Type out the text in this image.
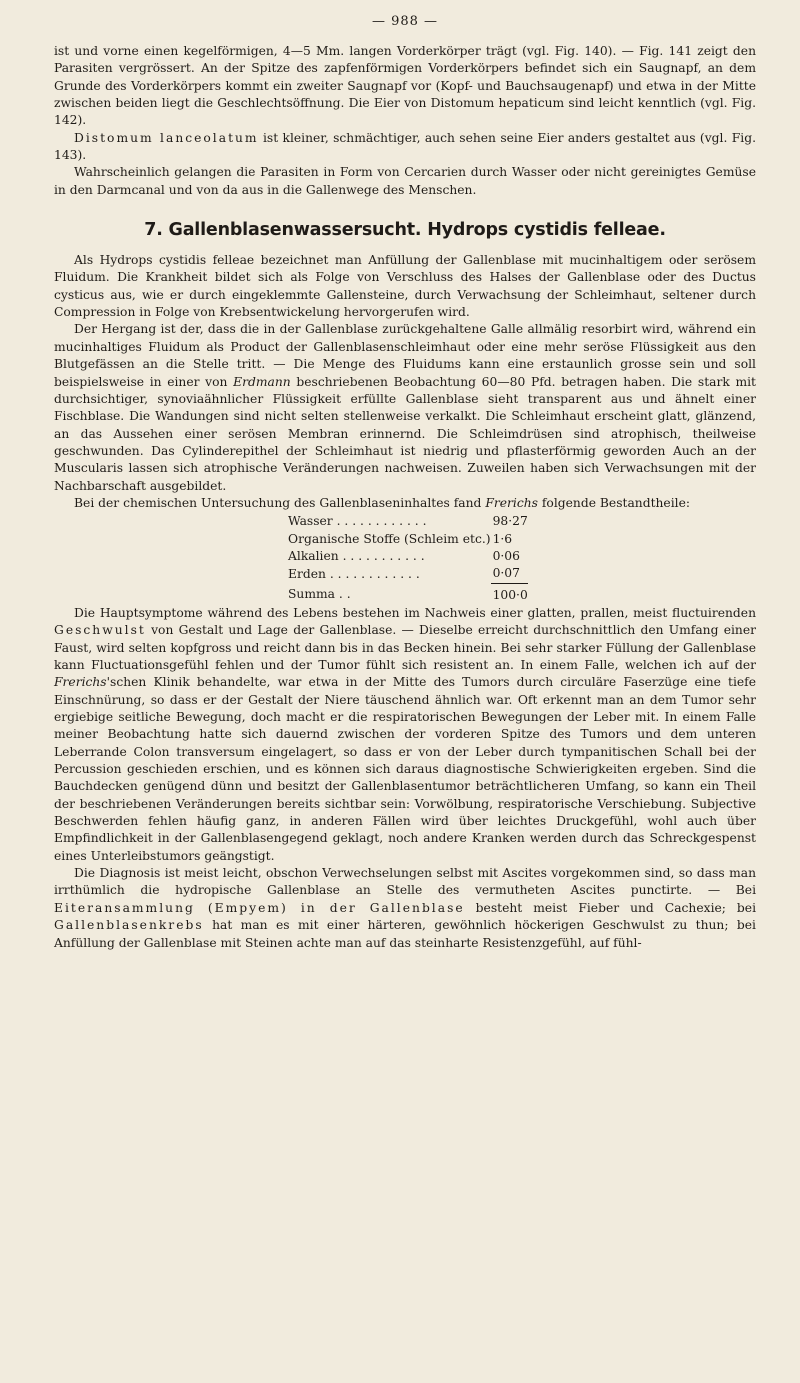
— 988 —

ist und vorne einen kegelförmigen, 4—5 Mm. langen Vorderkörper trägt (vgl. Fig. 140). — Fig. 141 zeigt den Parasiten vergrössert. An der Spitze des zapfenförmigen Vorderkörpers befindet sich ein Saugnapf, an dem Grunde des Vorderkörpers kommt ein zweiter Saugnapf vor (Kopf- und Bauchsaugenapf) und etwa in der Mitte zwischen beiden liegt die Geschlechtsöffnung. Die Eier von Distomum hepaticum sind leicht kenntlich (vgl. Fig. 142).

Distomum lanceolatum ist kleiner, schmächtiger, auch sehen seine Eier anders gestaltet aus (vgl. Fig. 143).

Wahrscheinlich gelangen die Parasiten in Form von Cercarien durch Wasser oder nicht gereinigtes Gemüse in den Darmcanal und von da aus in die Gallenwege des Menschen.

7. Gallenblasenwassersucht. Hydrops cystidis felleae.

Als Hydrops cystidis felleae bezeichnet man Anfüllung der Gallenblase mit mucinhaltigem oder serösem Fluidum. Die Krankheit bildet sich als Folge von Verschluss des Halses der Gallenblase oder des Ductus cysticus aus, wie er durch eingeklemmte Gallensteine, durch Verwachsung der Schleimhaut, seltener durch Compression in Folge von Krebsentwickelung hervorgerufen wird.

Der Hergang ist der, dass die in der Gallenblase zurückgehaltene Galle allmälig resorbirt wird, während ein mucinhaltiges Fluidum als Product der Gallenblasenschleimhaut oder eine mehr seröse Flüssigkeit aus den Blutgefässen an die Stelle tritt. — Die Menge des Fluidums kann eine erstaunlich grosse sein und soll beispielsweise in einer von Erdmann beschriebenen Beobachtung 60—80 Pfd. betragen haben. Die stark mit durchsichtiger, synoviaähnlicher Flüssigkeit erfüllte Gallenblase sieht transparent aus und ähnelt einer Fischblase. Die Wandungen sind nicht selten stellenweise verkalkt. Die Schleimhaut erscheint glatt, glänzend, an das Aussehen einer serösen Membran erinnernd. Die Schleimdrüsen sind atrophisch, theilweise geschwunden. Das Cylinderepithel der Schleimhaut ist niedrig und pflasterförmig geworden Auch an der Muscularis lassen sich atrophische Veränderungen nachweisen. Zuweilen haben sich Verwachsungen mit der Nachbarschaft ausgebildet.

Bei der chemischen Untersuchung des Gallenblaseninhaltes fand Frerichs folgende Bestandtheile:

Wasser . . . . . . . . . . . .	98·27
Organische Stoffe (Schleim etc.)	1·6
Alkalien . . . . . . . . . . .	0·06
Erden . . . . . . . . . . . .	0·07
Summa . .	100·0

Die Hauptsymptome während des Lebens bestehen im Nachweis einer glatten, prallen, meist fluctuirenden Geschwulst von Gestalt und Lage der Gallenblase. — Dieselbe erreicht durchschnittlich den Umfang einer Faust, wird selten kopfgross und reicht dann bis in das Becken hinein. Bei sehr starker Füllung der Gallenblase kann Fluctuationsgefühl fehlen und der Tumor fühlt sich resistent an. In einem Falle, welchen ich auf der Frerichs'schen Klinik behandelte, war etwa in der Mitte des Tumors durch circuläre Faserzüge eine tiefe Einschnürung, so dass er der Gestalt der Niere täuschend ähnlich war. Oft erkennt man an dem Tumor sehr ergiebige seitliche Bewegung, doch macht er die respiratorischen Bewegungen der Leber mit. In einem Falle meiner Beobachtung hatte sich dauernd zwischen der vorderen Spitze des Tumors und dem unteren Leberrande Colon transversum eingelagert, so dass er von der Leber durch tympanitischen Schall bei der Percussion geschieden erschien, und es können sich daraus diagnostische Schwierigkeiten ergeben. Sind die Bauchdecken genügend dünn und besitzt der Gallenblasentumor beträchtlicheren Umfang, so kann ein Theil der beschriebenen Veränderungen bereits sichtbar sein: Vorwölbung, respiratorische Verschiebung. Subjective Beschwerden fehlen häufig ganz, in anderen Fällen wird über leichtes Druckgefühl, wohl auch über Empfindlichkeit in der Gallenblasengegend geklagt, noch andere Kranken werden durch das Schreckgespenst eines Unterleibstumors geängstigt.

Die Diagnosis ist meist leicht, obschon Verwechselungen selbst mit Ascites vorgekommen sind, so dass man irrthümlich die hydropische Gallenblase an Stelle des vermutheten Ascites punctirte. — Bei Eiteransammlung (Empyem) in der Gallenblase besteht meist Fieber und Cachexie; bei Gallenblasenkrebs hat man es mit einer härteren, gewöhnlich höckerigen Geschwulst zu thun; bei Anfüllung der Gallenblase mit Steinen achte man auf das steinharte Resistenzgefühl, auf fühl-
